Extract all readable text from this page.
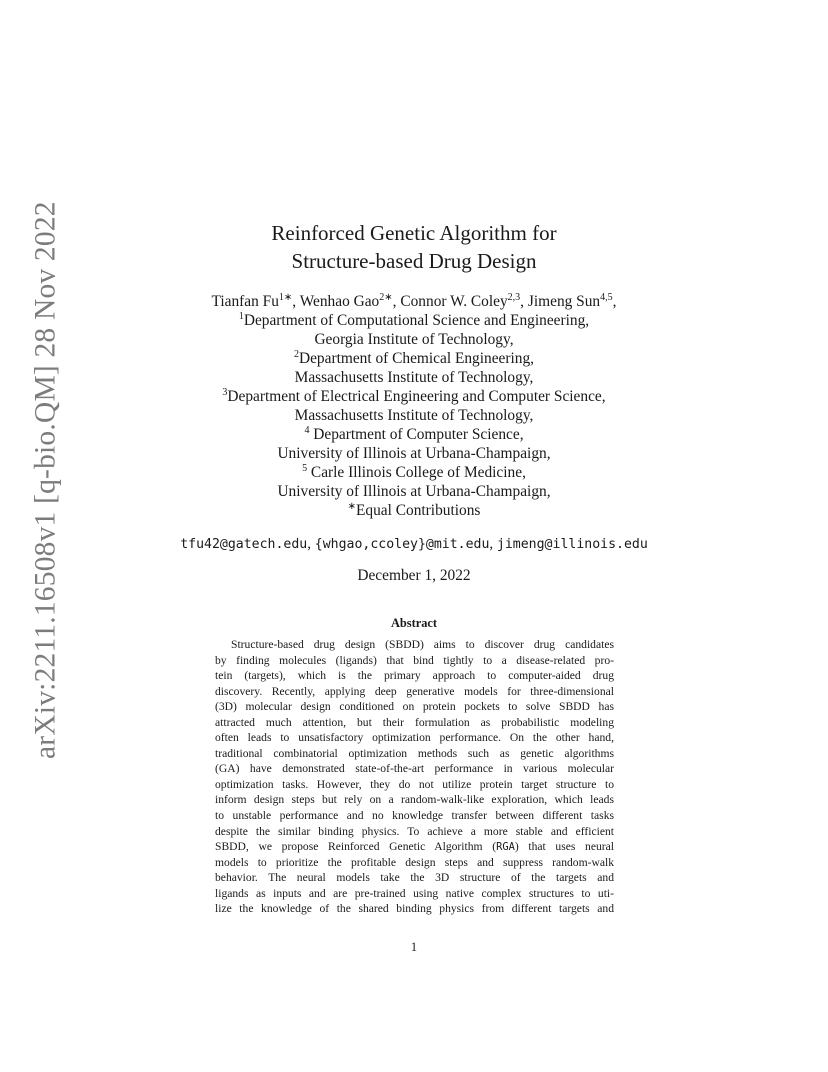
arXiv:2211.16508v1 [q-bio.QM] 28 Nov 2022	Reinforced Genetic Algorithm for
Structure-based Drug Design
Tianfan $Fu^{1∗}$, Wenhao Gao$^{2∗}$, Connor W. Coley$^{2,3}$, Jimeng Sun$^{4,5}$,
$^1$Department of Computational Science and Engineering,
Georgia Institute of Technology,
$^2$Department of Chemical Engineering,
Massachusetts Institute of Technology,
$^3$Department of Electrical Engineering and Computer Science,
Massachusetts Institute of Technology,
$^4$ Department of Computer Science,
University of Illinois at Urbana-Champaign,
$^5$ Carle Illinois College of Medicine,
University of Illinois at Urbana-Champaign,
∗Equal Contributions
tfu42@gatech.edu, {whgao,ccoley}@mit.edu, jimeng@illinois.edu
December 1, 2022
Abstract
Structure-based drug design (SBDD) aims to discover drug candidates
by finding molecules (ligands) that bind tightly to a disease-related pro-
tein (targets), which is the primary approach to computer-aided drug
discovery. Recently, applying deep generative models for three-dimensional
(3D) molecular design conditioned on protein pockets to solve SBDD has
attracted much attention, but their formulation as probabilistic modeling
often leads to unsatisfactory optimization performance. On the other hand,
traditional combinatorial optimization methods such as genetic algorithms
(GA) have demonstrated state-of-the-art performance in various molecular
optimization tasks. However, they do not utilize protein target structure to
inform design steps but rely on a random-walk-like exploration, which leads
to unstable performance and no knowledge transfer between different tasks
despite the similar binding physics. To achieve a more stable and efficient
SBDD, we propose Reinforced Genetic Algorithm (RGA) that uses neural
models to prioritize the profitable design steps and suppress random-walk
behavior. The neural models take the 3D structure of the targets and
ligands as inputs and are pre-trained using native complex structures to uti-
lize the knowledge of the shared binding physics from different targets and
1
